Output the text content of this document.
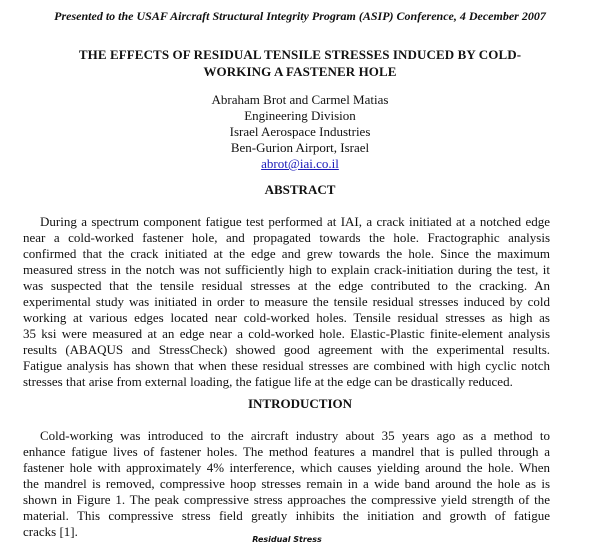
Presented to the USAF Aircraft Structural Integrity Program (ASIP) Conference, 4 December 2007
THE EFFECTS OF RESIDUAL TENSILE STRESSES INDUCED BY COLD-
WORKING A FASTENER HOLE
Abraham Brot and Carmel Matias
Engineering Division
Israel Aerospace Industries
Ben-Gurion Airport, Israel
abrot@iai.co.il
ABSTRACT
During a spectrum component fatigue test performed at IAI, a crack initiated at a notched edge
near a cold-worked fastener hole, and propagated towards the hole. Fractographic analysis
confirmed that the crack initiated at the edge and grew towards the hole. Since the maximum
measured stress in the notch was not sufficiently high to explain crack-initiation during the test, it
was suspected that the tensile residual stresses at the edge contributed to the cracking. An
experimental study was initiated in order to measure the tensile residual stresses induced by cold
working at various edges located near cold-worked holes. Tensile residual stresses as high as
35 ksi were measured at an edge near a cold-worked hole. Elastic-Plastic finite-element analysis
results (ABAQUS and StressCheck) showed good agreement with the experimental results.
Fatigue analysis has shown that when these residual stresses are combined with high cyclic notch
stresses that arise from external loading, the fatigue life at the edge can be drastically reduced.
INTRODUCTION
Cold-working was introduced to the aircraft industry about 35 years ago as a method to
enhance fatigue lives of fastener holes. The method features a mandrel that is pulled through a
fastener hole with approximately 4% interference, which causes yielding around the hole. When
the mandrel is removed, compressive hoop stresses remain in a wide band around the hole as is
shown in Figure 1. The peak compressive stress approaches the compressive yield strength of the
material. This compressive stress field greatly inhibits the initiation and growth of fatigue
cracks [1].
Residual Stress
